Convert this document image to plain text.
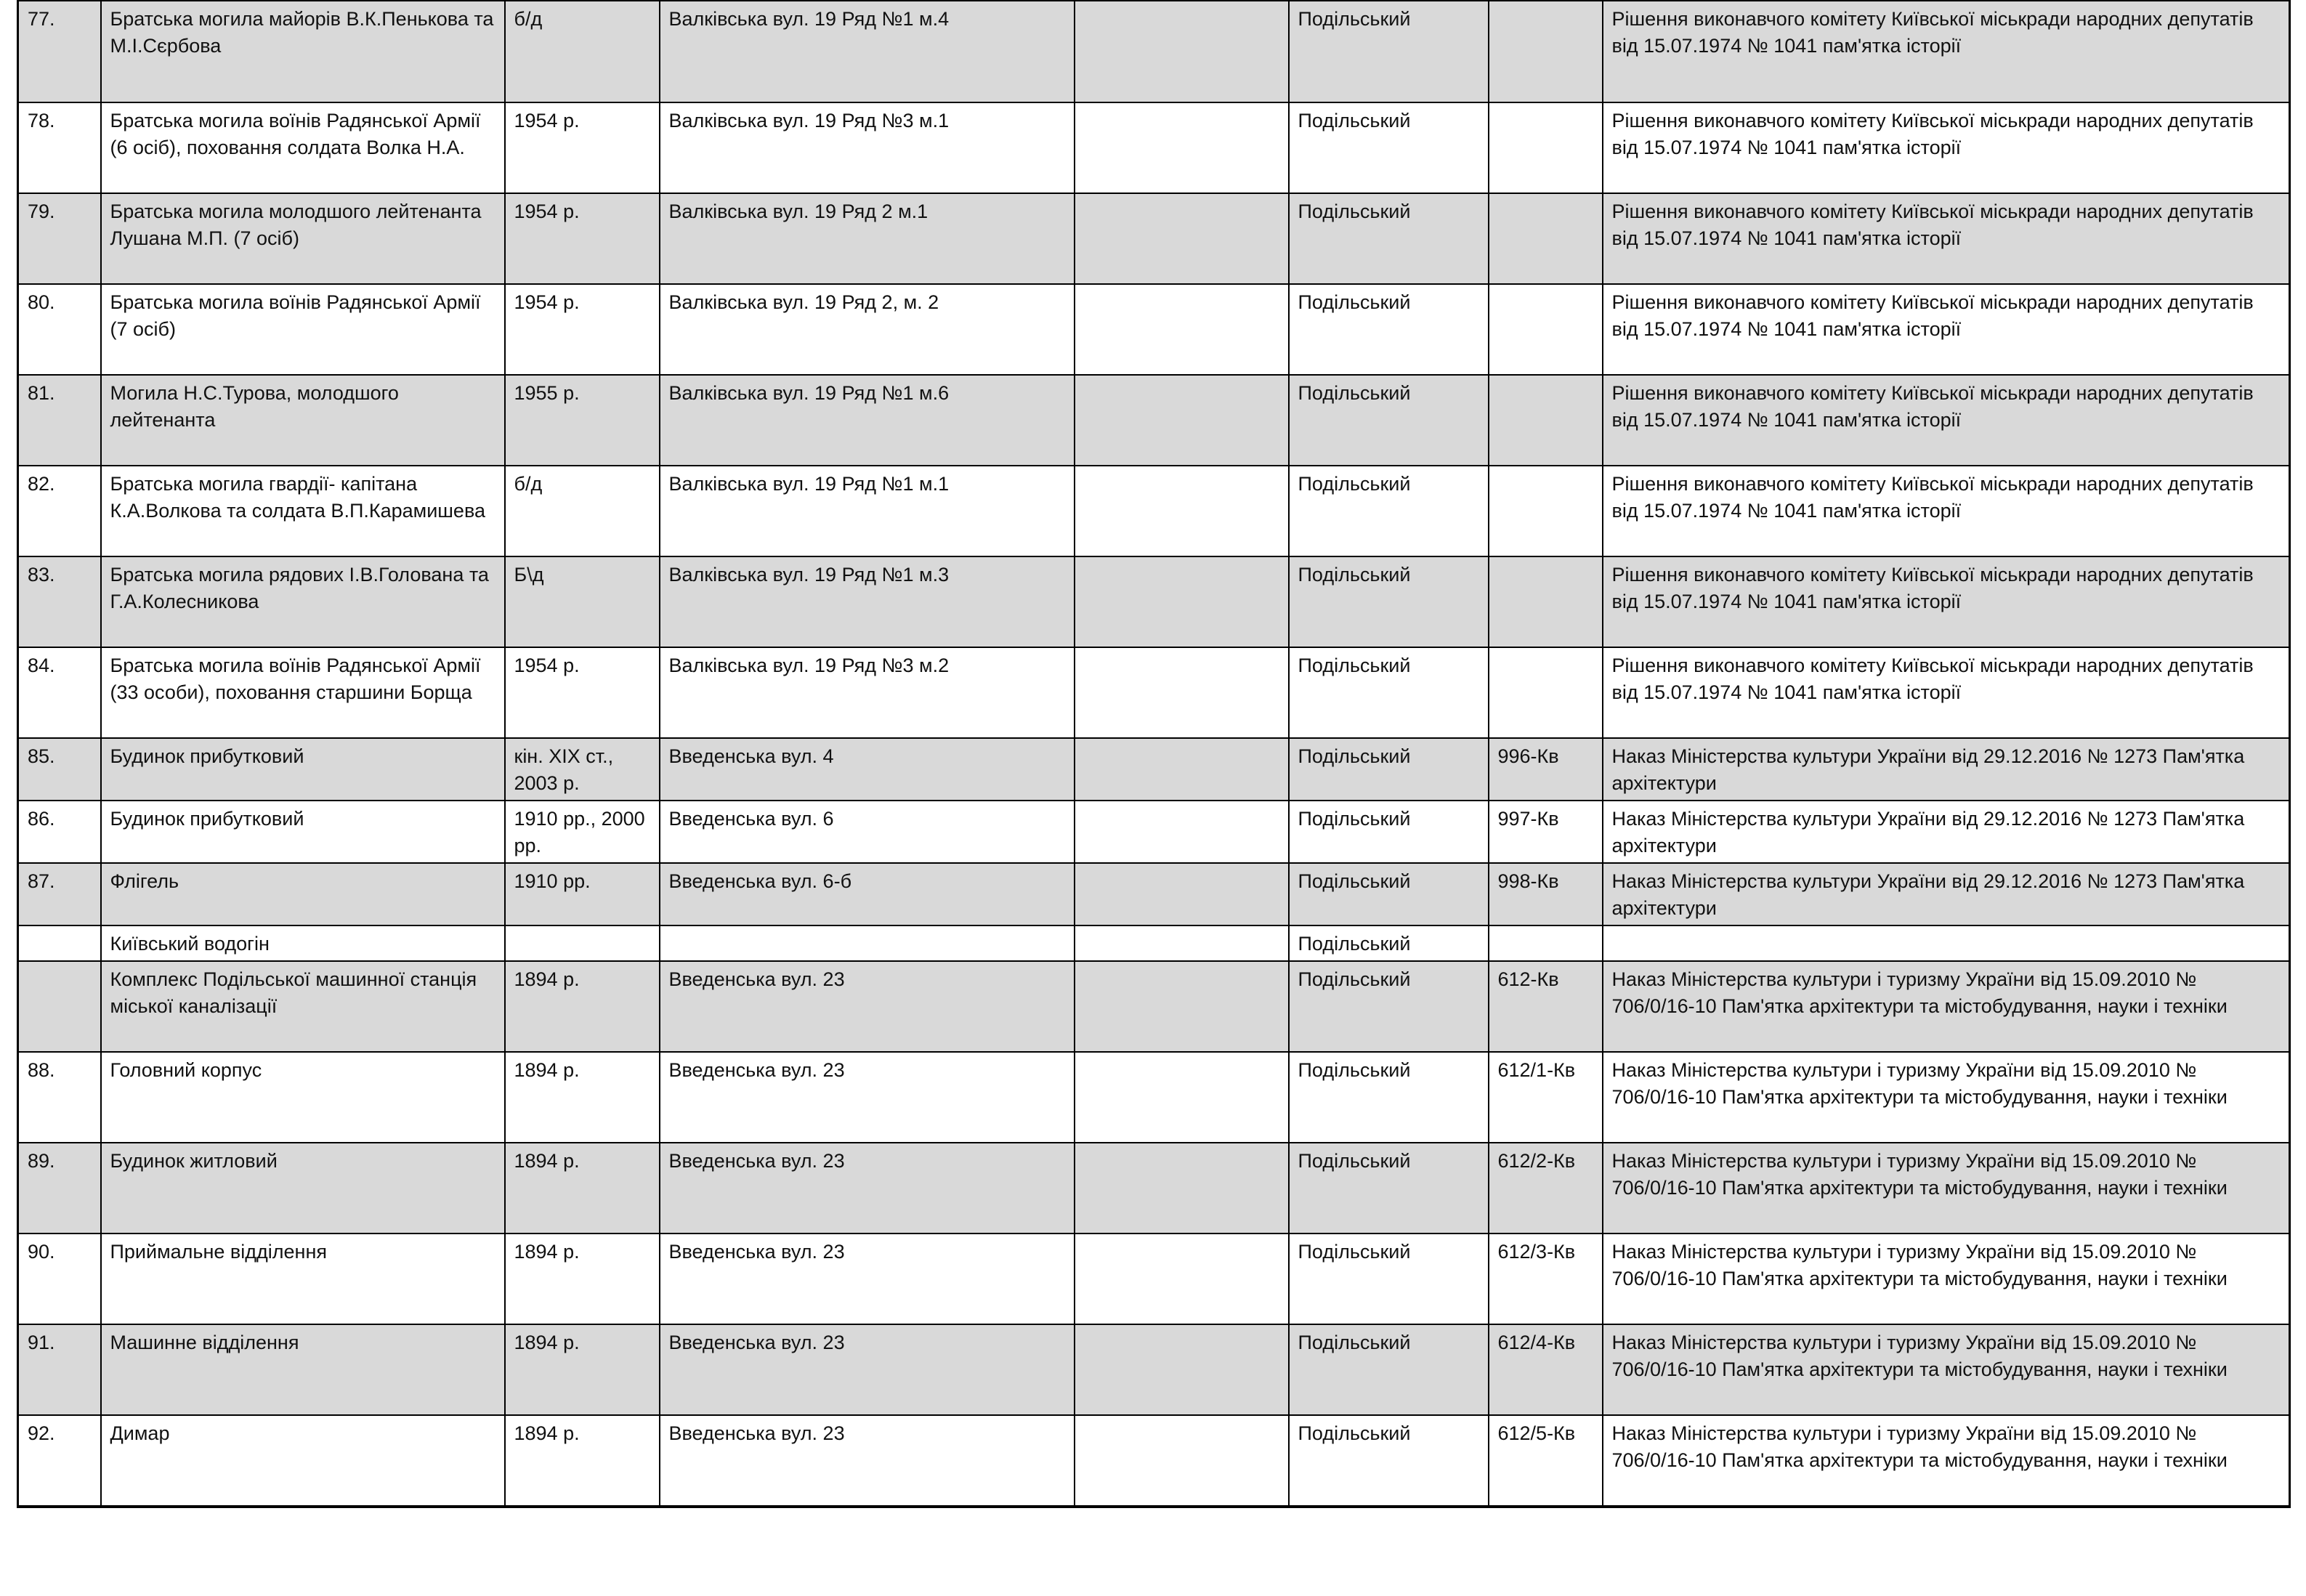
77.	Братська могила майорів В.К.Пенькова та М.І.Сєрбова	б/д	Валківська вул. 19 Ряд №1 м.4		Подільський		Рішення виконавчого комітету Київської міськради народних депутатів від 15.07.1974 № 1041 пам'ятка історії
78.	Братська могила воїнів Радянської Армії (6 осіб), поховання солдата Волка Н.А.	1954 р.	Валківська вул. 19 Ряд №3 м.1		Подільський		Рішення виконавчого комітету Київської міськради народних депутатів від 15.07.1974 № 1041 пам'ятка історії
79.	Братська могила молодшого лейтенанта Лушана М.П. (7 осіб)	1954 р.	Валківська вул. 19 Ряд 2 м.1		Подільський		Рішення виконавчого комітету Київської міськради народних депутатів від 15.07.1974 № 1041 пам'ятка історії
80.	Братська могила воїнів Радянської Армії (7 осіб)	1954 р.	Валківська вул. 19 Ряд 2, м. 2		Подільський		Рішення виконавчого комітету Київської міськради народних депутатів від 15.07.1974 № 1041 пам'ятка історії
81.	Могила Н.С.Турова, молодшого лейтенанта	1955 р.	Валківська вул. 19 Ряд №1 м.6		Подільський		Рішення виконавчого комітету Київської міськради народних депутатів від 15.07.1974 № 1041 пам'ятка історії
82.	Братська могила гвардії- капітана К.А.Волкова та солдата В.П.Карамишева	б/д	Валківська вул. 19 Ряд №1 м.1		Подільський		Рішення виконавчого комітету Київської міськради народних депутатів від 15.07.1974 № 1041 пам'ятка історії
83.	Братська могила рядових І.В.Голована та Г.А.Колесникова	Б\д	Валківська вул. 19 Ряд №1 м.3		Подільський		Рішення виконавчого комітету Київської міськради народних депутатів від 15.07.1974 № 1041 пам'ятка історії
84.	Братська могила воїнів Радянської Армії (33 особи), поховання старшини Борща	1954 р.	Валківська вул. 19 Ряд №3 м.2		Подільський		Рішення виконавчого комітету Київської міськради народних депутатів від 15.07.1974 № 1041 пам'ятка історії
85.	Будинок прибутковий	кін. XIX ст., 2003 р.	Введенська вул. 4		Подільський	996-Кв	Наказ Міністерства культури України від 29.12.2016 № 1273 Пам'ятка архітектури
86.	Будинок прибутковий	1910 рр., 2000 рр.	Введенська вул. 6		Подільський	997-Кв	Наказ Міністерства культури України від 29.12.2016 № 1273 Пам'ятка архітектури
87.	Флігель	1910 рр.	Введенська вул. 6-б		Подільський	998-Кв	Наказ Міністерства культури України від 29.12.2016 № 1273 Пам'ятка архітектури
	Київський водогін				Подільський		
	Комплекс Подільської машинної станція міської каналізації	1894 р.	Введенська вул. 23		Подільський	612-Кв	Наказ Міністерства культури і туризму України від 15.09.2010 № 706/0/16-10 Пам'ятка архітектури та містобудування, науки і техніки
88.	Головний корпус	1894 р.	Введенська вул. 23		Подільський	612/1-Кв	Наказ Міністерства культури і туризму України від 15.09.2010 № 706/0/16-10 Пам'ятка архітектури та містобудування, науки і техніки
89.	Будинок житловий	1894 р.	Введенська вул. 23		Подільський	612/2-Кв	Наказ Міністерства культури і туризму України від 15.09.2010 № 706/0/16-10 Пам'ятка архітектури та містобудування, науки і техніки
90.	Приймальне відділення	1894 р.	Введенська вул. 23		Подільський	612/3-Кв	Наказ Міністерства культури і туризму України від 15.09.2010 № 706/0/16-10 Пам'ятка архітектури та містобудування, науки і техніки
91.	Машинне відділення	1894 р.	Введенська вул. 23		Подільський	612/4-Кв	Наказ Міністерства культури і туризму України від 15.09.2010 № 706/0/16-10 Пам'ятка архітектури та містобудування, науки і техніки
92.	Димар	1894 р.	Введенська вул. 23		Подільський	612/5-Кв	Наказ Міністерства культури і туризму України від 15.09.2010 № 706/0/16-10 Пам'ятка архітектури та містобудування, науки і техніки
